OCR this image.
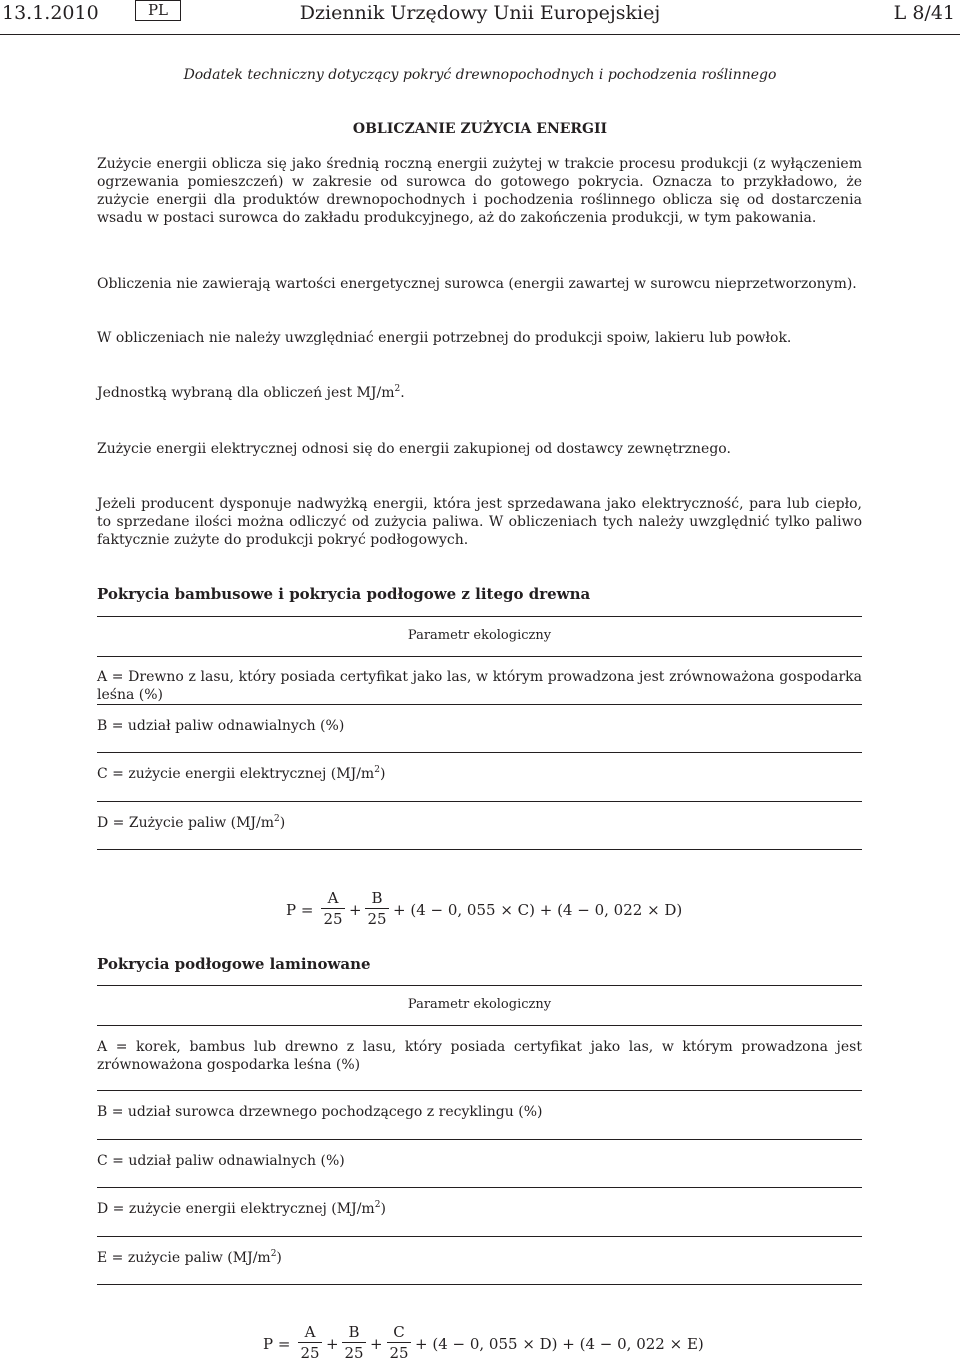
Dziennik Urzędowy Unii Europejskiej
13.1.2010	PL	L 8/41
Dodatek techniczny dotyczący pokryć drewnopochodnych i pochodzenia roślinnego
OBLICZANIE ZUŻYCIA ENERGII

Zużycie energii oblicza się jako średnią roczną energii zużytej w trakcie procesu produkcji (z wyłączeniem ogrzewania pomieszczeń) w zakresie od surowca do gotowego pokrycia. Oznacza to przykładowo, że zużycie energii dla produktów drewnopochodnych i pochodzenia roślinnego oblicza się od dostarczenia wsadu w postaci surowca do zakładu produkcyjnego, aż do zakończenia produkcji, w tym pakowania.

Obliczenia nie zawierają wartości energetycznej surowca (energii zawartej w surowcu nieprzetworzonym).

W obliczeniach nie należy uwzględniać energii potrzebnej do produkcji spoiw, lakieru lub powłok.

Jednostką wybraną dla obliczeń jest $MJ/m^2$.

Zużycie energii elektrycznej odnosi się do energii zakupionej od dostawcy zewnętrznego.

Jeżeli producent dysponuje nadwyżką energii, która jest sprzedawana jako elektryczność, para lub ciepło, to sprzedane ilości można odliczyć od zużycia paliwa. W obliczeniach tych należy uwzględnić tylko paliwo faktycznie zużyte do produkcji pokryć podłogowych.

Pokrycia bambusowe i pokrycia podłogowe z litego drewna
Parametr ekologiczny
A = Drewno z lasu, który posiada certyfikat jako las, w którym prowadzona jest zrównoważona gospodarka leśna (%)
B = udział paliw odnawialnych (%)
C = zużycie energii elektrycznej $(MJ/m^2)$
D = Zużycie paliw $(MJ/m^2)$
P =
A
25 +
B
25 + (4 − 0, 055 × C) + (4 − 0, 022 × D)
Pokrycia podłogowe laminowane
Parametr ekologiczny
A = korek, bambus lub drewno z lasu, który posiada certyfikat jako las, w którym prowadzona jest zrównoważona gospodarka leśna (%)
B = udział surowca drzewnego pochodzącego z recyklingu (%)
C = udział paliw odnawialnych (%)
D = zużycie energii elektrycznej $(MJ/m^2)$
E = zużycie paliw $(MJ/m^2)$
P =
A
25 +
B
25 +
C
25 + (4 − 0, 055 × D) + (4 − 0, 022 × E)
